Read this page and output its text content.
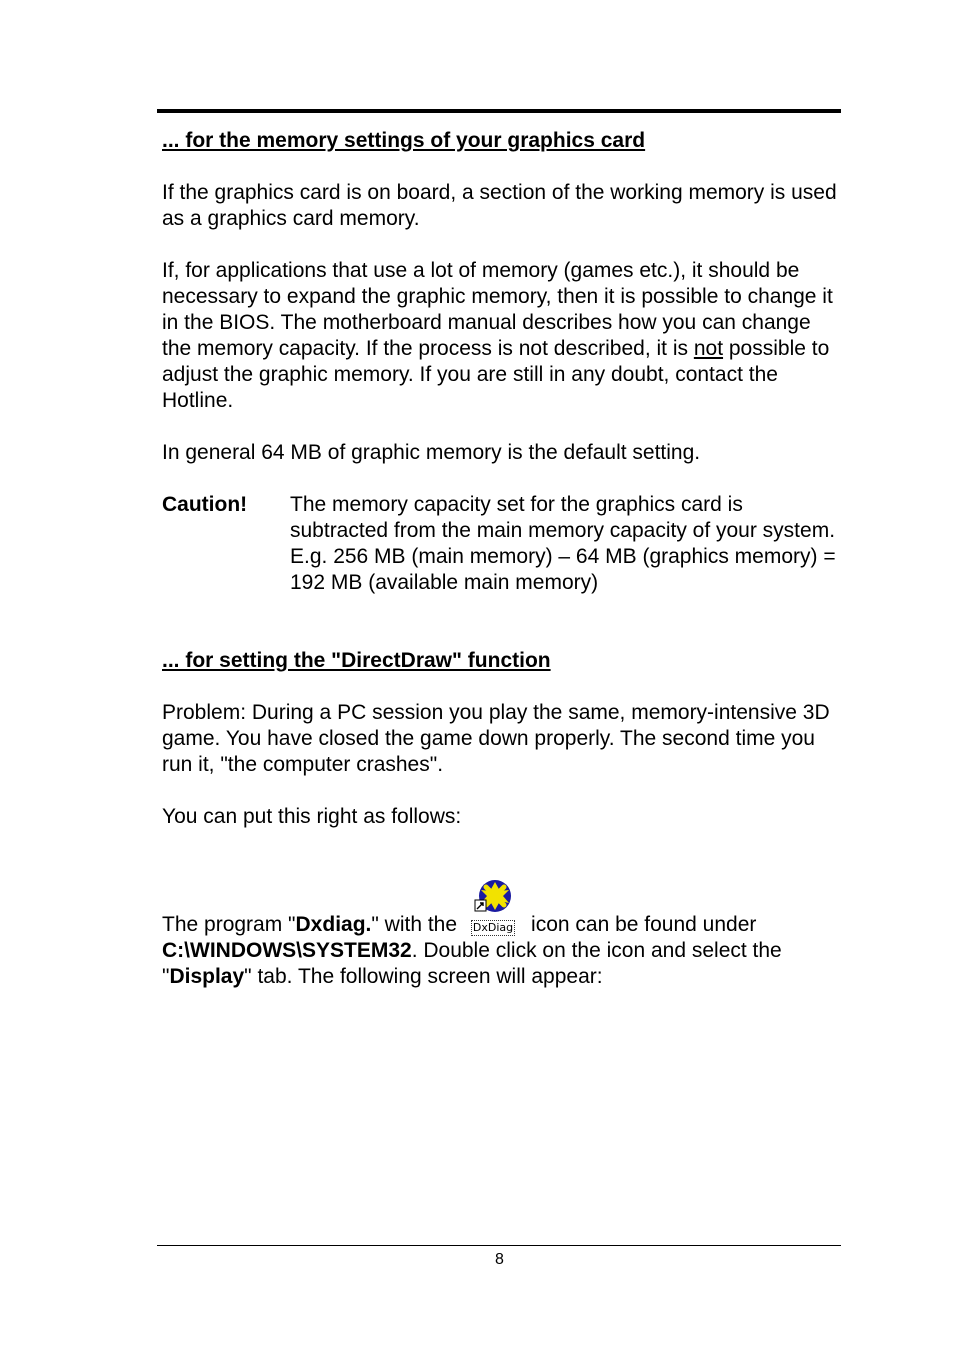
... for the memory settings of your graphics card

If the graphics card is on board, a section of the working memory is used as a graphics card memory.

If, for applications that use a lot of memory (games etc.), it should be necessary to expand the graphic memory, then it is possible to change it in the BIOS. The motherboard manual describes how you can change the memory capacity. If the process is not described, it is not possible to adjust the graphic memory. If you are still in any doubt, contact the Hotline.

In general 64 MB of graphic memory is the default setting.

Caution!	The memory capacity set for the graphics card is subtracted from the main memory capacity of your system.

E.g. 256 MB (main memory) – 64 MB (graphics memory) = 192 MB (available main memory)

... for setting the "DirectDraw" function

Problem: During a PC session you play the same, memory-intensive 3D game. You have closed the game down properly. The second time you run it, "the computer crashes".

You can put this right as follows:

The program "Dxdiag." with the DxDiag icon can be found under C:\WINDOWS\SYSTEM32. Double click on the icon and select the "Display" tab. The following screen will appear:

8
